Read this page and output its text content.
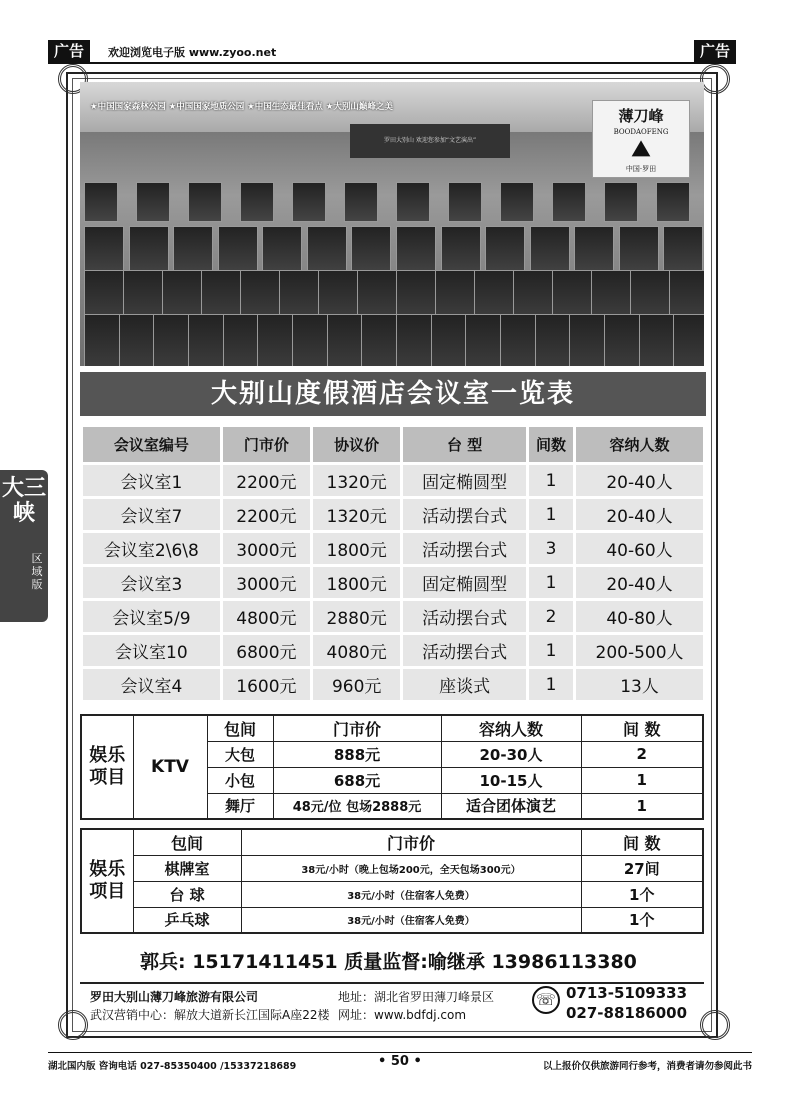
广告	欢迎浏览电子版 www.zyoo.net	广告
大三峡
区域版
★中国国家森林公园 ★中国国家地质公园 ★中国生态最佳看点 ★大别山巅峰之美
罗田大别山 欢迎您参加“文艺演出”
薄刀峰
BOODAOFENG
⛰
中国·罗田
大别山度假酒店会议室一览表
会议室编号	门市价	协议价	台 型	间数	容纳人数
会议室1	2200元	1320元	固定椭圆型	1	20-40人
会议室7	2200元	1320元	活动摆台式	1	20-40人
会议室2\6\8	3000元	1800元	活动摆台式	3	40-60人
会议室3	3000元	1800元	固定椭圆型	1	20-40人
会议室5/9	4800元	2880元	活动摆台式	2	40-80人
会议室10	6800元	4080元	活动摆台式	1	200-500人
会议室4	1600元	960元	座谈式	1	13人
娱乐项目	KTV	包间	门市价	容纳人数	间 数
		大包	888元	20-30人	2
		小包	688元	10-15人	1
		舞厅	48元/位 包场2888元	适合团体演艺	1
娱乐项目	包间	门市价	间 数
	棋牌室	38元/小时（晚上包场200元，全天包场300元）	27间
	台 球	38元/小时（住宿客人免费）	1个
	乒乓球	38元/小时（住宿客人免费）	1个
郭兵: 15171411451 质量监督:喻继承 13986113380
罗田大别山薄刀峰旅游有限公司
武汉营销中心：解放大道新长江国际A座22楼
地址：湖北省罗田薄刀峰景区
网址：www.bdfdj.com
☏ 0713-5109333
027-88186000
湖北国内版 咨询电话 027-85350400 /15337218689	• 50 •	以上报价仅供旅游同行参考，消费者请勿参阅此书
